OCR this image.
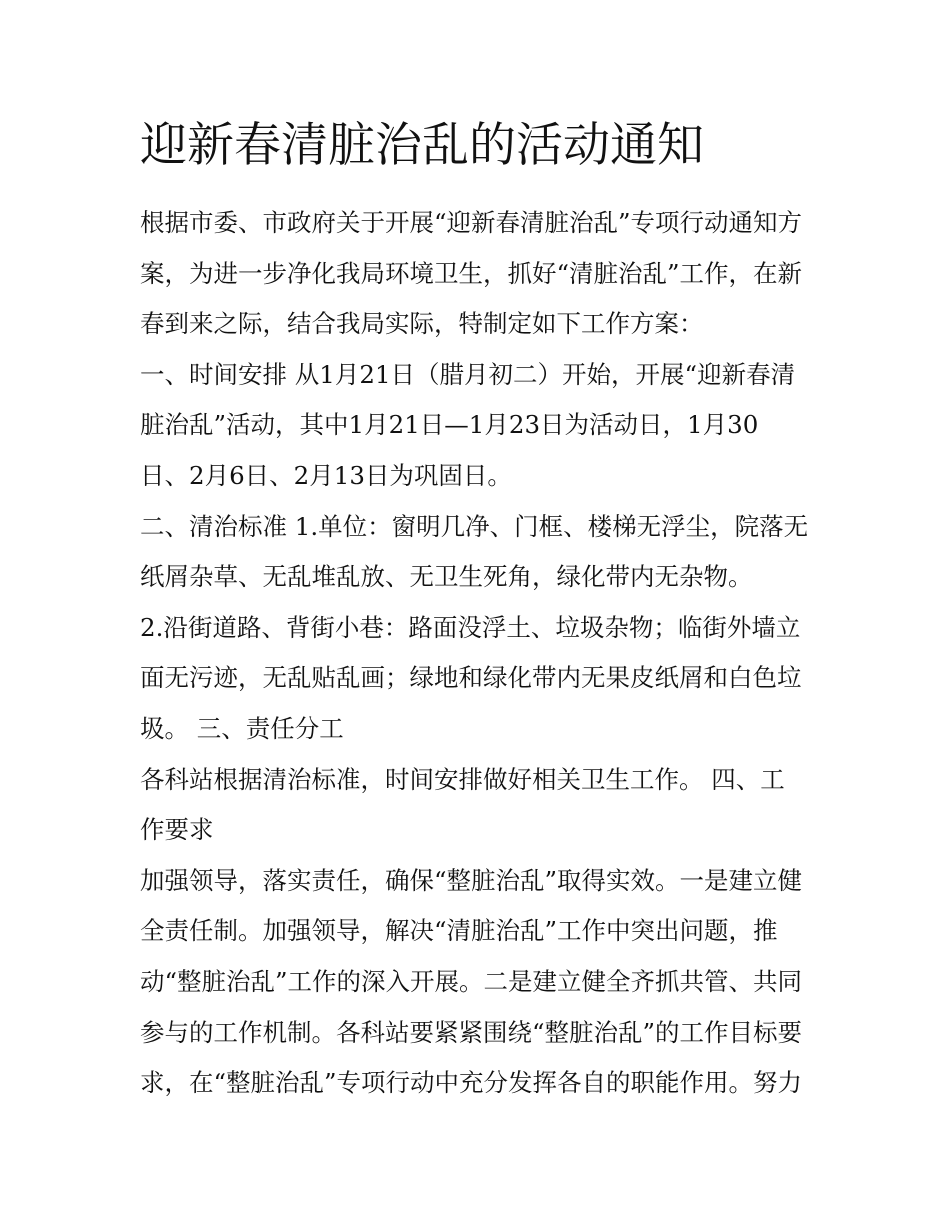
迎新春清脏治乱的活动通知
根据市委、市政府关于开展“迎新春清脏治乱”专项行动通知方
案，为进一步净化我局环境卫生，抓好“清脏治乱”工作，在新
春到来之际，结合我局实际，特制定如下工作方案：
一、时间安排 从1月21日（腊月初二）开始，开展“迎新春清
脏治乱”活动，其中1月21日—1月23日为活动日，1月30
日、2月6日、2月13日为巩固日。
二、清治标准 1.单位：窗明几净、门框、楼梯无浮尘，院落无
纸屑杂草、无乱堆乱放、无卫生死角，绿化带内无杂物。
2.沿街道路、背街小巷：路面没浮土、垃圾杂物；临街外墙立
面无污迹，无乱贴乱画；绿地和绿化带内无果皮纸屑和白色垃
圾。 三、责任分工
各科站根据清治标准，时间安排做好相关卫生工作。 四、工
作要求
加强领导，落实责任，确保“整脏治乱”取得实效。一是建立健
全责任制。加强领导，解决“清脏治乱”工作中突出问题，推
动“整脏治乱”工作的深入开展。二是建立健全齐抓共管、共同
参与的工作机制。各科站要紧紧围绕“整脏治乱”的工作目标要
求，在“整脏治乱”专项行动中充分发挥各自的职能作用。努力
